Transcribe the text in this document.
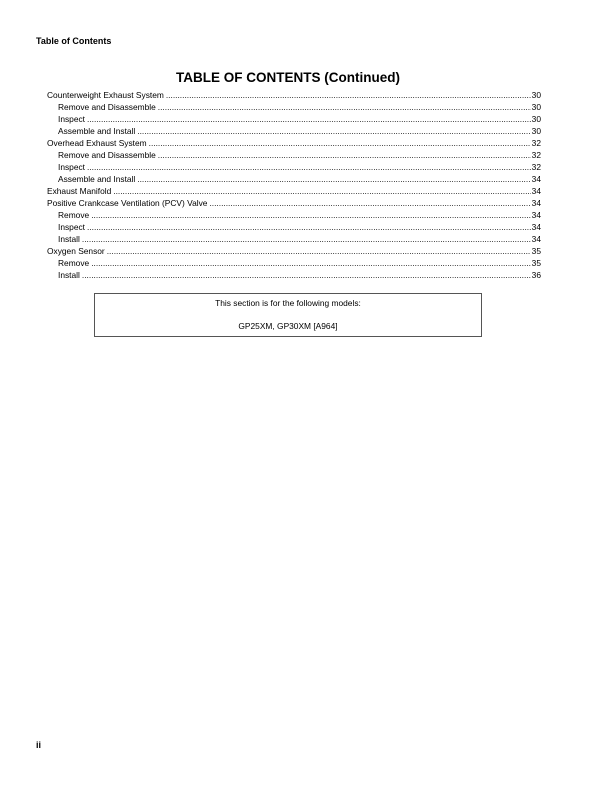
Table of Contents
TABLE OF CONTENTS (Continued)
Counterweight Exhaust System .....	30
Remove and Disassemble .....	30
Inspect .....	30
Assemble and Install .....	30
Overhead Exhaust System .....	32
Remove and Disassemble .....	32
Inspect .....	32
Assemble and Install .....	34
Exhaust Manifold .....	34
Positive Crankcase Ventilation (PCV) Valve .....	34
Remove .....	34
Inspect .....	34
Install .....	34
Oxygen Sensor .....	35
Remove .....	35
Install .....	36
This section is for the following models:
GP25XM, GP30XM [A964]
ii
